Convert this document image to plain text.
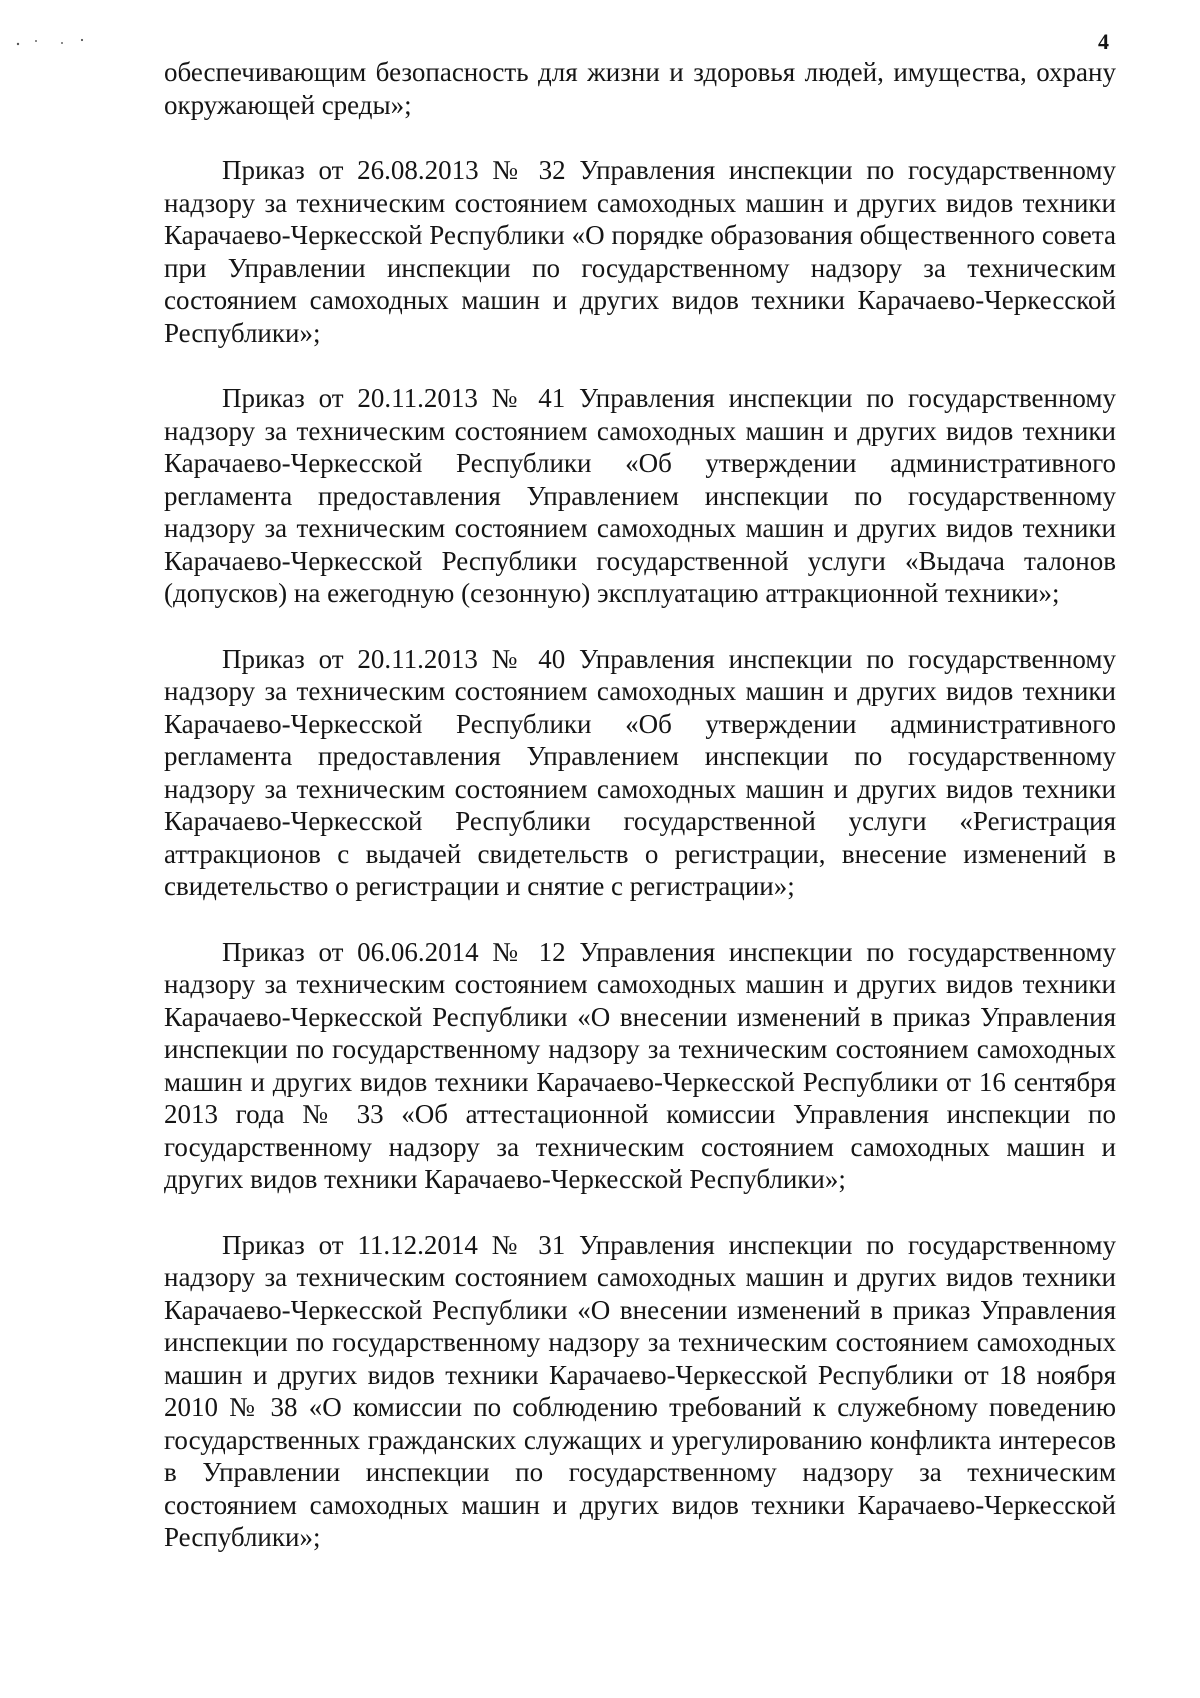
4

обеспечивающим безопасность для жизни и здоровья людей, имущества, охрану окружающей среды»;

Приказ от 26.08.2013 № 32 Управления инспекции по государственному надзору за техническим состоянием самоходных машин и других видов техники Карачаево-Черкесской Республики «О порядке образования общественного совета при Управлении инспекции по государственному надзору за техническим состоянием самоходных машин и других видов техники Карачаево-Черкесской Республики»;

Приказ от 20.11.2013 № 41 Управления инспекции по государственному надзору за техническим состоянием самоходных машин и других видов техники Карачаево-Черкесской Республики «Об утверждении административного регламента предоставления Управлением инспекции по государственному надзору за техническим состоянием самоходных машин и других видов техники Карачаево-Черкесской Республики государственной услуги «Выдача талонов (допусков) на ежегодную (сезонную) эксплуатацию аттракционной техники»;

Приказ от 20.11.2013 № 40 Управления инспекции по государственному надзору за техническим состоянием самоходных машин и других видов техники Карачаево-Черкесской Республики «Об утверждении административного регламента предоставления Управлением инспекции по государственному надзору за техническим состоянием самоходных машин и других видов техники Карачаево-Черкесской Республики государственной услуги «Регистрация аттракционов с выдачей свидетельств о регистрации, внесение изменений в свидетельство о регистрации и снятие с регистрации»;

Приказ от 06.06.2014 № 12 Управления инспекции по государственному надзору за техническим состоянием самоходных машин и других видов техники Карачаево-Черкесской Республики «О внесении изменений в приказ Управления инспекции по государственному надзору за техническим состоянием самоходных машин и других видов техники Карачаево-Черкесской Республики от 16 сентября 2013 года № 33 «Об аттестационной комиссии Управления инспекции по государственному надзору за техническим состоянием самоходных машин и других видов техники Карачаево-Черкесской Республики»;

Приказ от 11.12.2014 № 31 Управления инспекции по государственному надзору за техническим состоянием самоходных машин и других видов техники Карачаево-Черкесской Республики «О внесении изменений в приказ Управления инспекции по государственному надзору за техническим состоянием самоходных машин и других видов техники Карачаево-Черкесской Республики от 18 ноября 2010 № 38 «О комиссии по соблюдению требований к служебному поведению государственных гражданских служащих и урегулированию конфликта интересов в Управлении инспекции по государственному надзору за техническим состоянием самоходных машин и других видов техники Карачаево-Черкесской Республики»;
